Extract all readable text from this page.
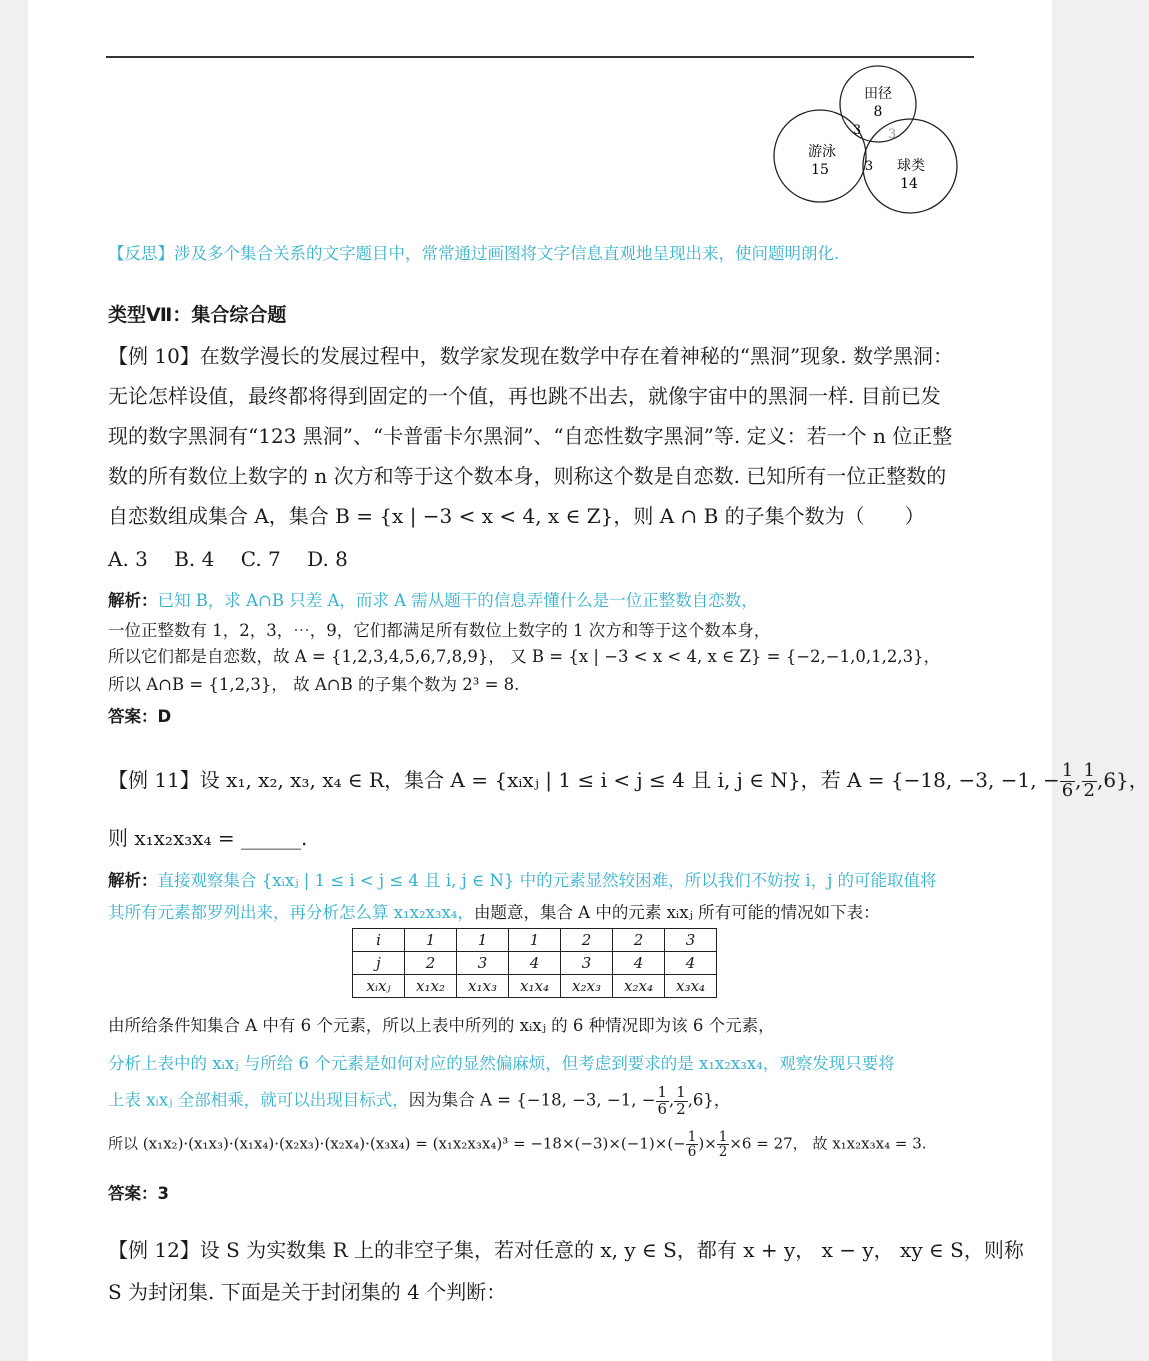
田径
8
游泳
15	球类
14
3
3
3
【反思】涉及多个集合关系的文字题目中，常常通过画图将文字信息直观地呈现出来，使问题明朗化.
类型Ⅶ：集合综合题
【例 10】在数学漫长的发展过程中，数学家发现在数学中存在着神秘的“黑洞”现象. 数学黑洞：
无论怎样设值，最终都将得到固定的一个值，再也跳不出去，就像宇宙中的黑洞一样. 目前已发
现的数字黑洞有“123 黑洞”、“卡普雷卡尔黑洞”、“自恋性数字黑洞”等. 定义：若一个 n 位正整
数的所有数位上数字的 n 次方和等于这个数本身，则称这个数是自恋数. 已知所有一位正整数的
自恋数组成集合 A，集合 B = {x | −3 < x < 4, x ∈ Z}，则 A ∩ B 的子集个数为（　　）
A. 3　 B. 4　 C. 7　 D. 8
解析：已知 B，求 A∩B 只差 A，而求 A 需从题干的信息弄懂什么是一位正整数自恋数，
一位正整数有 1，2，3，⋯，9，它们都满足所有数位上数字的 1 次方和等于这个数本身，
所以它们都是自恋数，故 A = {1,2,3,4,5,6,7,8,9}， 又 B = {x | −3 < x < 4, x ∈ Z} = {−2,−1,0,1,2,3}，
所以 A∩B = {1,2,3}， 故 A∩B 的子集个数为 2³ = 8.
答案：D
【例 11】设 x₁, x₂, x₃, x₄ ∈ R，集合 A = {xᵢxⱼ | 1 ≤ i < j ≤ 4 且 i, j ∈ N}，若 A = {−18, −3, −1, − $\frac{1}{6}$ , $\frac{1}{2} ,6$}，
则 x₁x₂x₃x₄ = ______.
解析：直接观察集合 {xᵢxⱼ | 1 ≤ i < j ≤ 4 且 i, j ∈ N} 中的元素显然较困难，所以我们不妨按 i，j 的可能取值将
其所有元素都罗列出来，再分析怎么算 x₁x₂x₃x₄，由题意，集合 A 中的元素 xᵢxⱼ 所有可能的情况如下表：
i	1	1	1	2	2	3
j	2	3	4	3	4	4
xᵢxⱼ	x₁x₂	x₁x₃	x₁x₄	x₂x₃	x₂x₄	x₃x₄
由所给条件知集合 A 中有 6 个元素，所以上表中所列的 xᵢxⱼ 的 6 种情况即为该 6 个元素，
分析上表中的 xᵢxⱼ 与所给 6 个元素是如何对应的显然偏麻烦，但考虑到要求的是 x₁x₂x₃x₄，观察发现只要将
上表 xᵢxⱼ 全部相乘，就可以出现目标式，因为集合 A = {−18, −3, −1, − $\frac{1}{6}$ , $\frac{1}{2} ,6$}，
所以 $(x_1x_2)\cdot(x_1x_3)\cdot(x_1x_4)\cdot(x_2x_3)\cdot(x_2x_4)\cdot(x_3x_4) = (x_1x_2x_3x_4)^3 = -18\times(-3)\times(-1)\times(- \frac{1}{6}$ )× $\frac{1}{2} \times 6 = 27$， 故 x₁x₂x₃x₄ = 3.
答案：3
【例 12】设 S 为实数集 R 上的非空子集，若对任意的 x, y ∈ S，都有 x + y， x − y， xy ∈ S，则称
S 为封闭集. 下面是关于封闭集的 4 个判断：
